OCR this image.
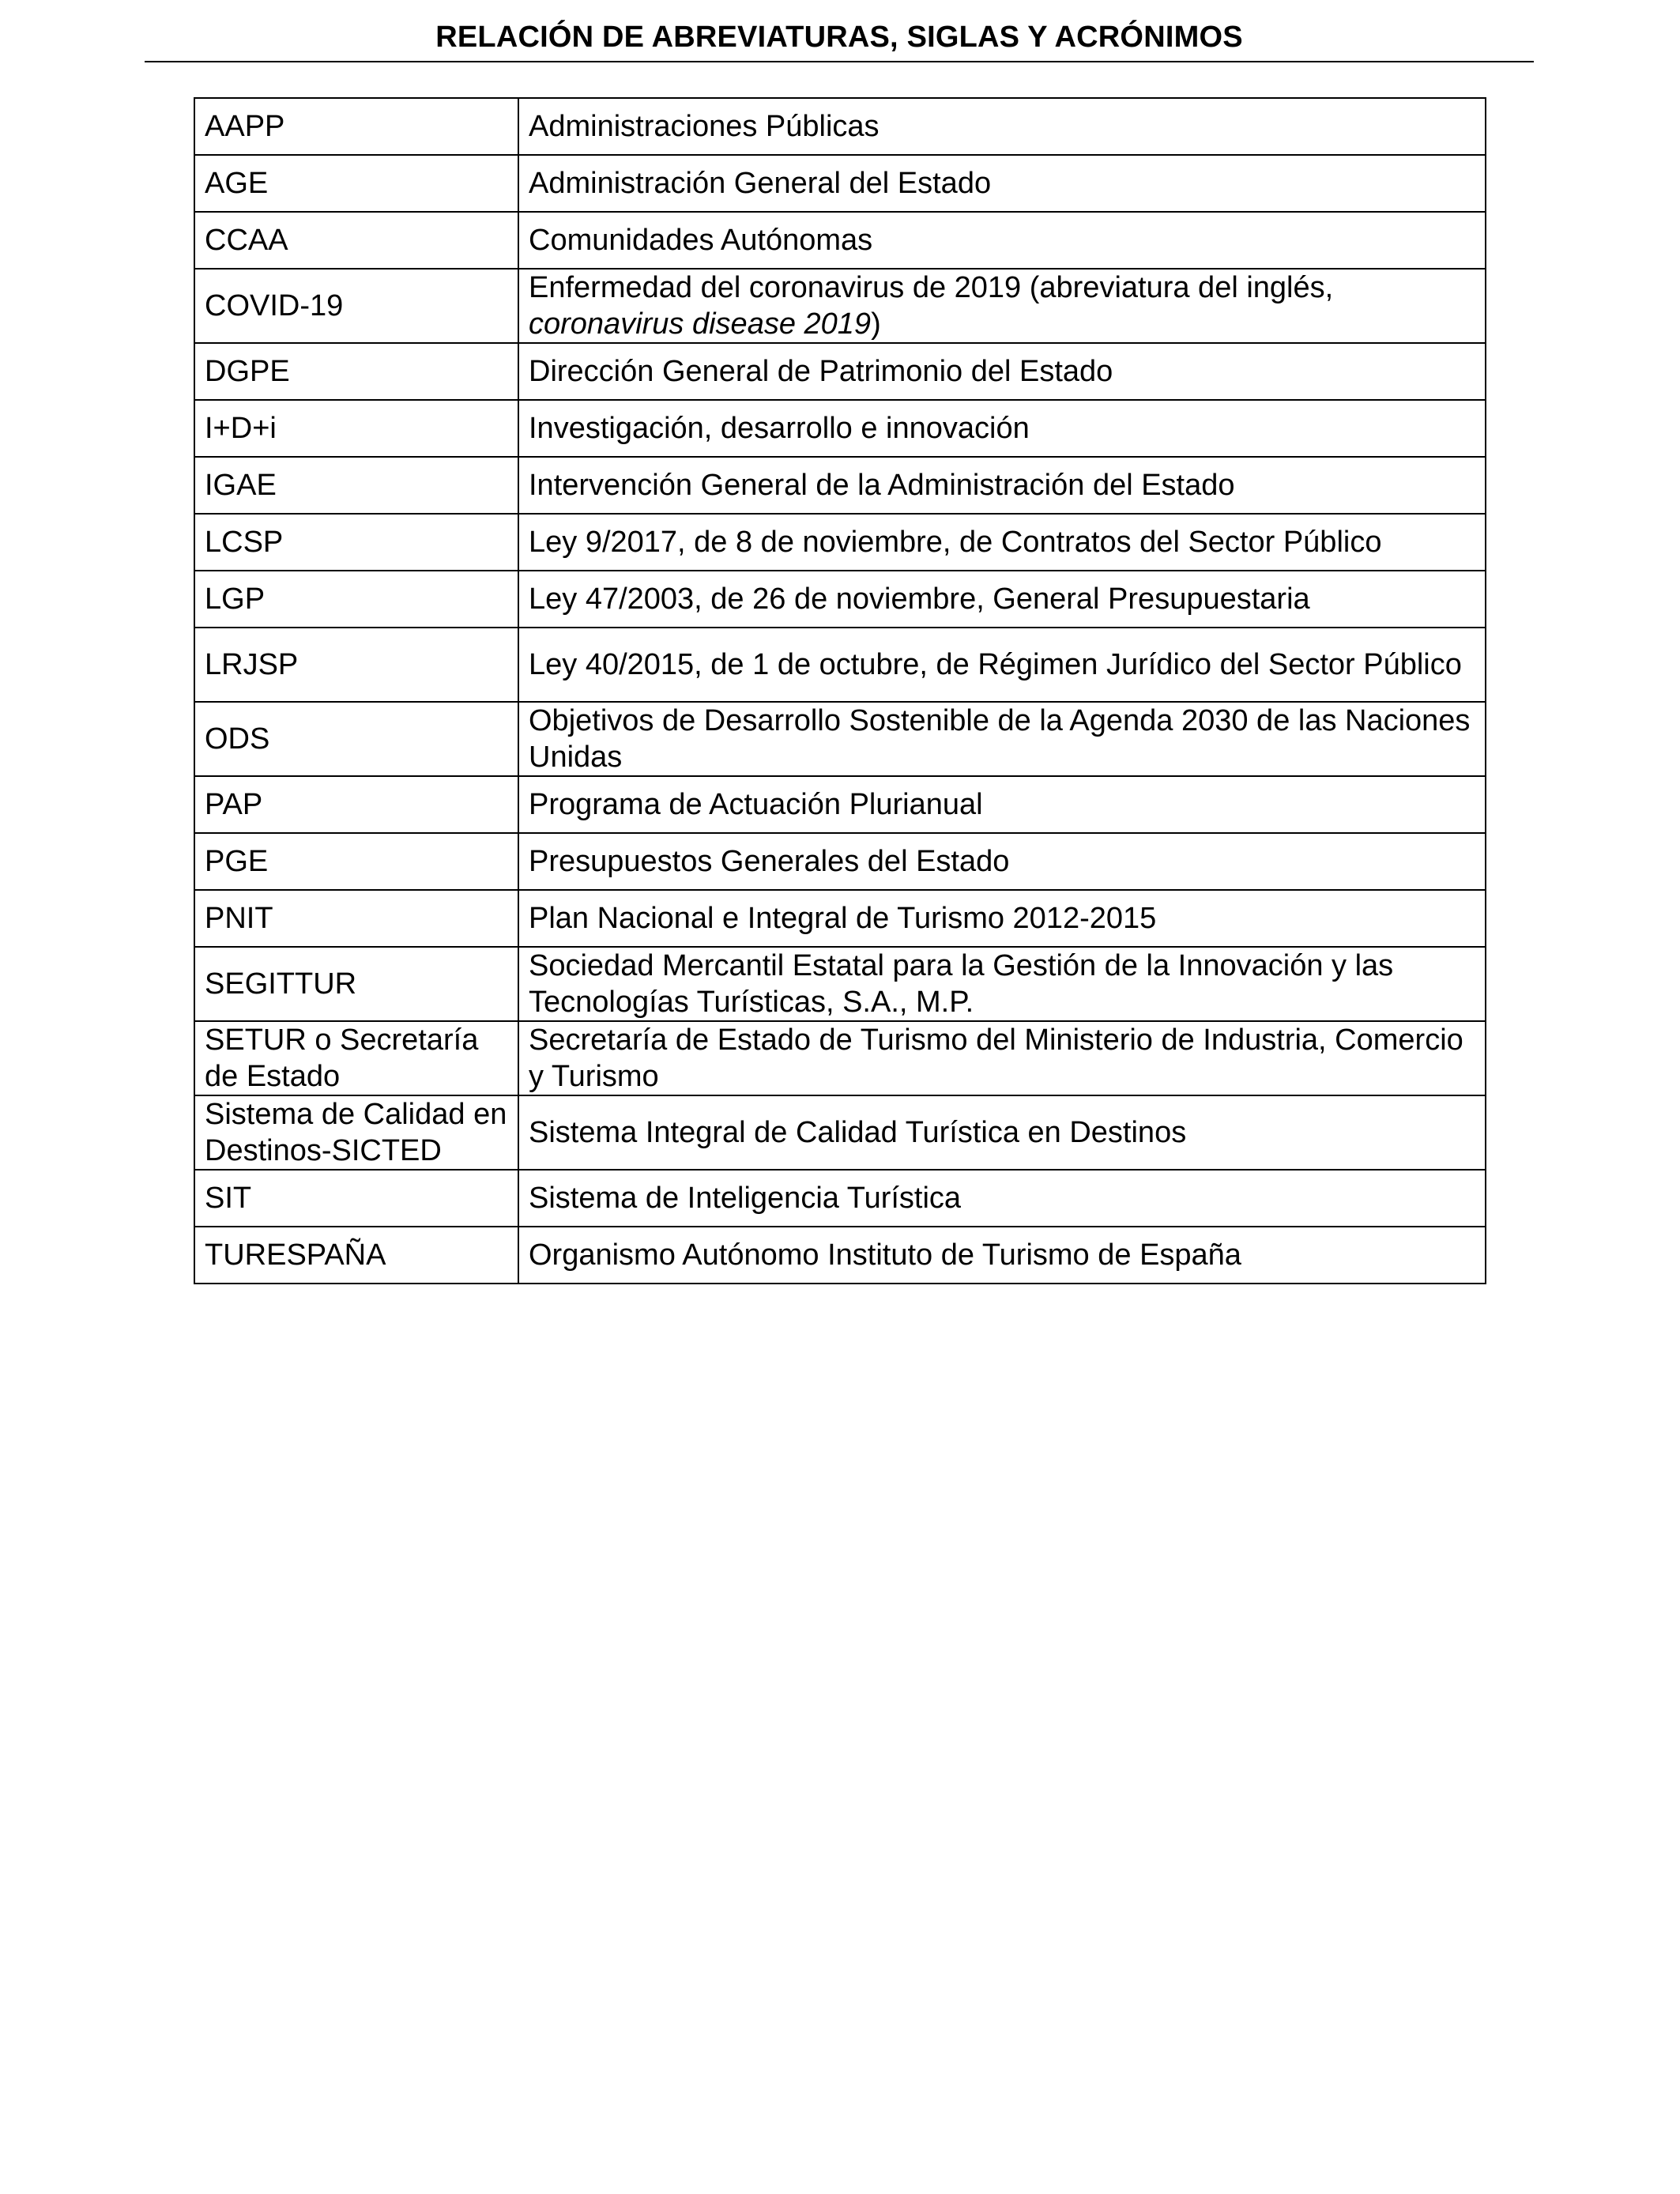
RELACIÓN DE ABREVIATURAS, SIGLAS Y ACRÓNIMOS
AAPP	Administraciones Públicas

AGE	Administración General del Estado

CCAA	Comunidades Autónomas

COVID-19	Enfermedad del coronavirus de 2019 (abreviatura del inglés, coronavirus disease 2019)

DGPE	Dirección General de Patrimonio del Estado

I+D+i	Investigación, desarrollo e innovación

IGAE	Intervención General de la Administración del Estado

LCSP	Ley 9/2017, de 8 de noviembre, de Contratos del Sector Público

LGP	Ley 47/2003, de 26 de noviembre, General Presupuestaria

LRJSP	Ley 40/2015, de 1 de octubre, de Régimen Jurídico del Sector Público

ODS	Objetivos de Desarrollo Sostenible de la Agenda 2030 de las Naciones Unidas

PAP	Programa de Actuación Plurianual

PGE	Presupuestos Generales del Estado

PNIT	Plan Nacional e Integral de Turismo 2012-2015

SEGITTUR	Sociedad Mercantil Estatal para la Gestión de la Innovación y las Tecnologías Turísticas, S.A., M.P.

SETUR o Secretaría de Estado	Secretaría de Estado de Turismo del Ministerio de Industria, Comercio y Turismo

Sistema de Calidad en Destinos-SICTED	Sistema Integral de Calidad Turística en Destinos

SIT	Sistema de Inteligencia Turística

TURESPAÑA	Organismo Autónomo Instituto de Turismo de España
